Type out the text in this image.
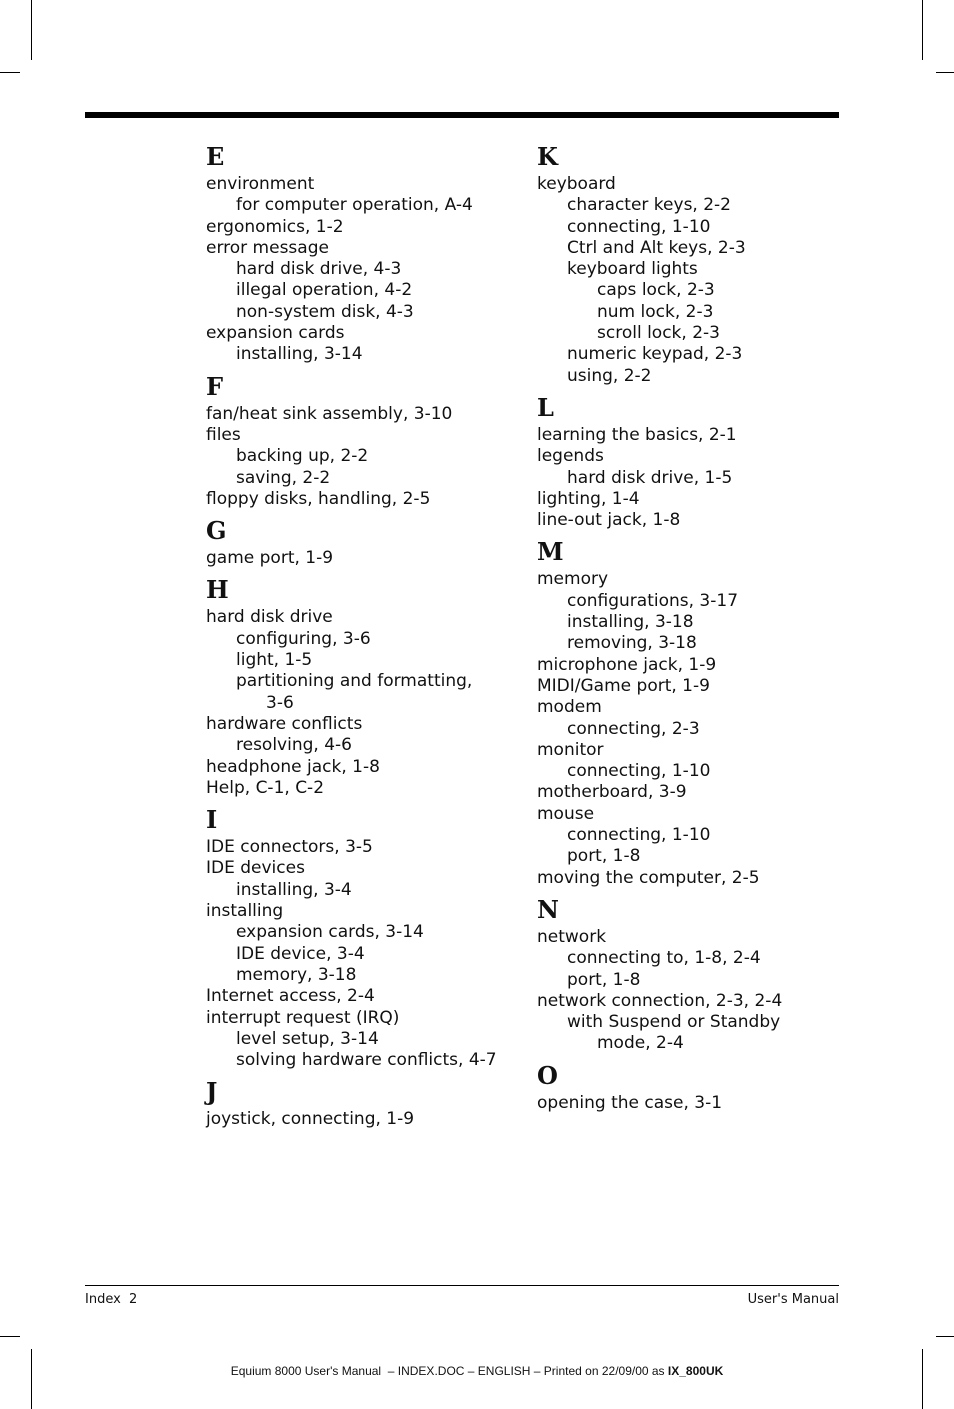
E
environment
for computer operation, A-4
ergonomics, 1-2
error message
hard disk drive, 4-3
illegal operation, 4-2
non-system disk, 4-3
expansion cards
installing, 3-14
F
fan/heat sink assembly, 3-10
files
backing up, 2-2
saving, 2-2
floppy disks, handling, 2-5
G
game port, 1-9
H
hard disk drive
configuring, 3-6
light, 1-5
partitioning and formatting,
3-6
hardware conflicts
resolving, 4-6
headphone jack, 1-8
Help, C-1, C-2
I
IDE connectors, 3-5
IDE devices
installing, 3-4
installing
expansion cards, 3-14
IDE device, 3-4
memory, 3-18
Internet access, 2-4
interrupt request (IRQ)
level setup, 3-14
solving hardware conflicts, 4-7
J
joystick, connecting, 1-9
K
keyboard
character keys, 2-2
connecting, 1-10
Ctrl and Alt keys, 2-3
keyboard lights
caps lock, 2-3
num lock, 2-3
scroll lock, 2-3
numeric keypad, 2-3
using, 2-2
L
learning the basics, 2-1
legends
hard disk drive, 1-5
lighting, 1-4
line-out jack, 1-8
M
memory
configurations, 3-17
installing, 3-18
removing, 3-18
microphone jack, 1-9
MIDI/Game port, 1-9
modem
connecting, 2-3
monitor
connecting, 1-10
motherboard, 3-9
mouse
connecting, 1-10
port, 1-8
moving the computer, 2-5
N
network
connecting to, 1-8, 2-4
port, 1-8
network connection, 2-3, 2-4
with Suspend or Standby
mode, 2-4
O
opening the case, 3-1
Index  2	User's Manual
Equium 8000 User's Manual  – INDEX.DOC – ENGLISH – Printed on 22/09/00 as IX_800UK
